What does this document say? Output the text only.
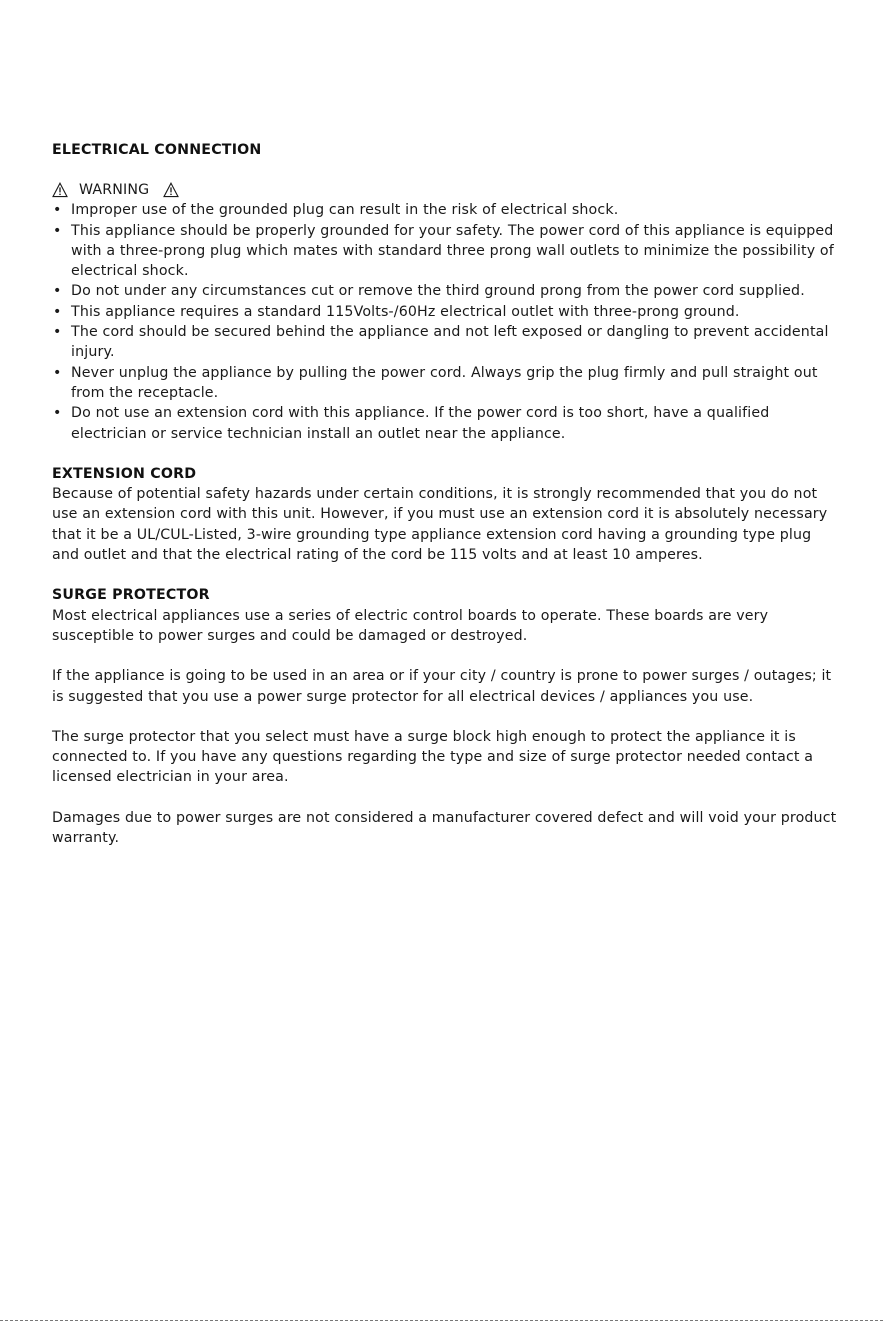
ELECTRICAL CONNECTION
WARNING
• Improper use of the grounded plug can result in the risk of electrical shock.
• This appliance should be properly grounded for your safety. The power cord of this appliance is equipped with a three-prong plug which mates with standard three prong wall outlets to minimize the possibility of electrical shock.
• Do not under any circumstances cut or remove the third ground prong from the power cord supplied.
• This appliance requires a standard 115Volts-/60Hz electrical outlet with three-prong ground.
• The cord should be secured behind the appliance and not left exposed or dangling to prevent accidental injury.
• Never unplug the appliance by pulling the power cord. Always grip the plug firmly and pull straight out from the receptacle.
• Do not use an extension cord with this appliance. If the power cord is too short, have a qualified electrician or service technician install an outlet near the appliance.
EXTENSION CORD

Because of potential safety hazards under certain conditions, it is strongly recommended that you do not use an extension cord with this unit. However, if you must use an extension cord it is absolutely necessary that it be a UL/CUL-Listed, 3-wire grounding type appliance extension cord having a grounding type plug and outlet and that the electrical rating of the cord be 115 volts and at least 10 amperes.

SURGE PROTECTOR

Most electrical appliances use a series of electric control boards to operate. These boards are very susceptible to power surges and could be damaged or destroyed.

If the appliance is going to be used in an area or if your city / country is prone to power surges / outages; it is suggested that you use a power surge protector for all electrical devices / appliances you use.

The surge protector that you select must have a surge block high enough to protect the appliance it is connected to. If you have any questions regarding the type and size of surge protector needed contact a licensed electrician in your area.

Damages due to power surges are not considered a manufacturer covered defect and will void your product warranty.
